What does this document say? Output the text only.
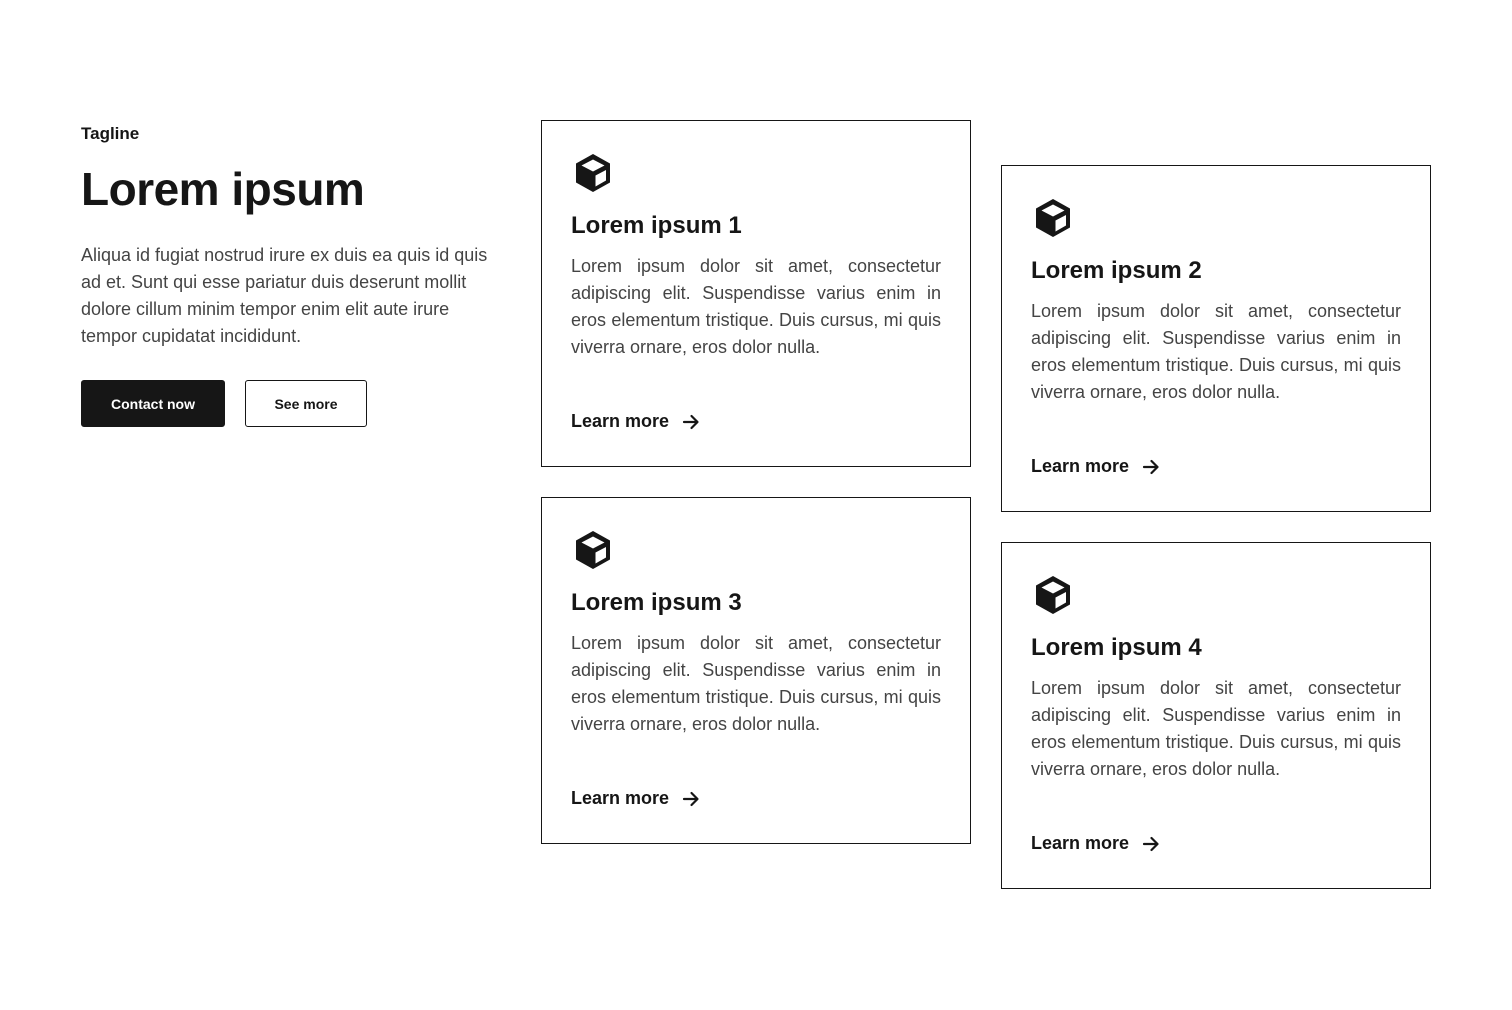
Tagline
Lorem ipsum

Aliqua id fugiat nostrud irure ex duis ea quis id quis ad et. Sunt qui esse pariatur duis deserunt mollit dolore cillum minim tempor enim elit aute irure tempor cupidatat incididunt.

Contact now	See more
Lorem ipsum 1

Lorem ipsum dolor sit amet, consectetur adipiscing elit. Suspendisse varius enim in eros elementum tristique. Duis cursus, mi quis viverra ornare, eros dolor nulla.

Learn more
Lorem ipsum 2

Lorem ipsum dolor sit amet, consectetur adipiscing elit. Suspendisse varius enim in eros elementum tristique. Duis cursus, mi quis viverra ornare, eros dolor nulla.

Learn more
Lorem ipsum 3

Lorem ipsum dolor sit amet, consectetur adipiscing elit. Suspendisse varius enim in eros elementum tristique. Duis cursus, mi quis viverra ornare, eros dolor nulla.

Learn more
Lorem ipsum 4

Lorem ipsum dolor sit amet, consectetur adipiscing elit. Suspendisse varius enim in eros elementum tristique. Duis cursus, mi quis viverra ornare, eros dolor nulla.

Learn more
